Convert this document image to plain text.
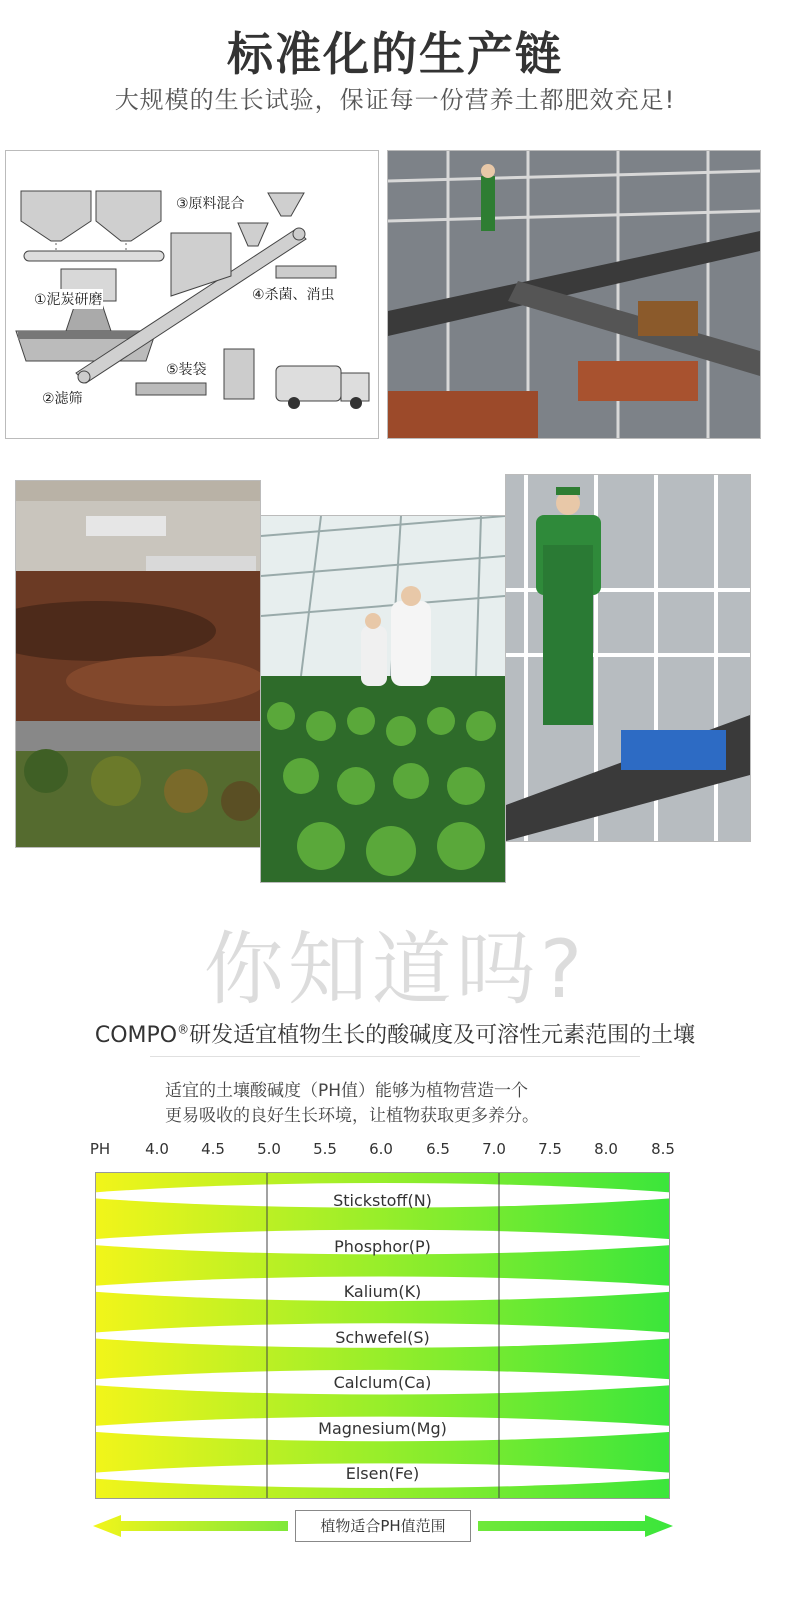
标准化的生产链
大规模的生长试验，保证每一份营养土都肥效充足!
③原料混合
①泥炭研磨	④杀菌、消虫
⑤装袋
②滤筛
你知道吗?
COMPO®研发适宜植物生长的酸碱度及可溶性元素范围的土壤
适宜的土壤酸碱度（PH值）能够为植物营造一个
更易吸收的良好生长环境，让植物获取更多养分。
PH 4.0 4.5 5.0 5.5 6.0 6.5 7.0 7.5 8.0 8.5
Stickstoff(N)
Phosphor(P)
Kalium(K)
Schwefel(S)
Calclum(Ca)
Magnesium(Mg)
Elsen(Fe)
植物适合PH值范围
